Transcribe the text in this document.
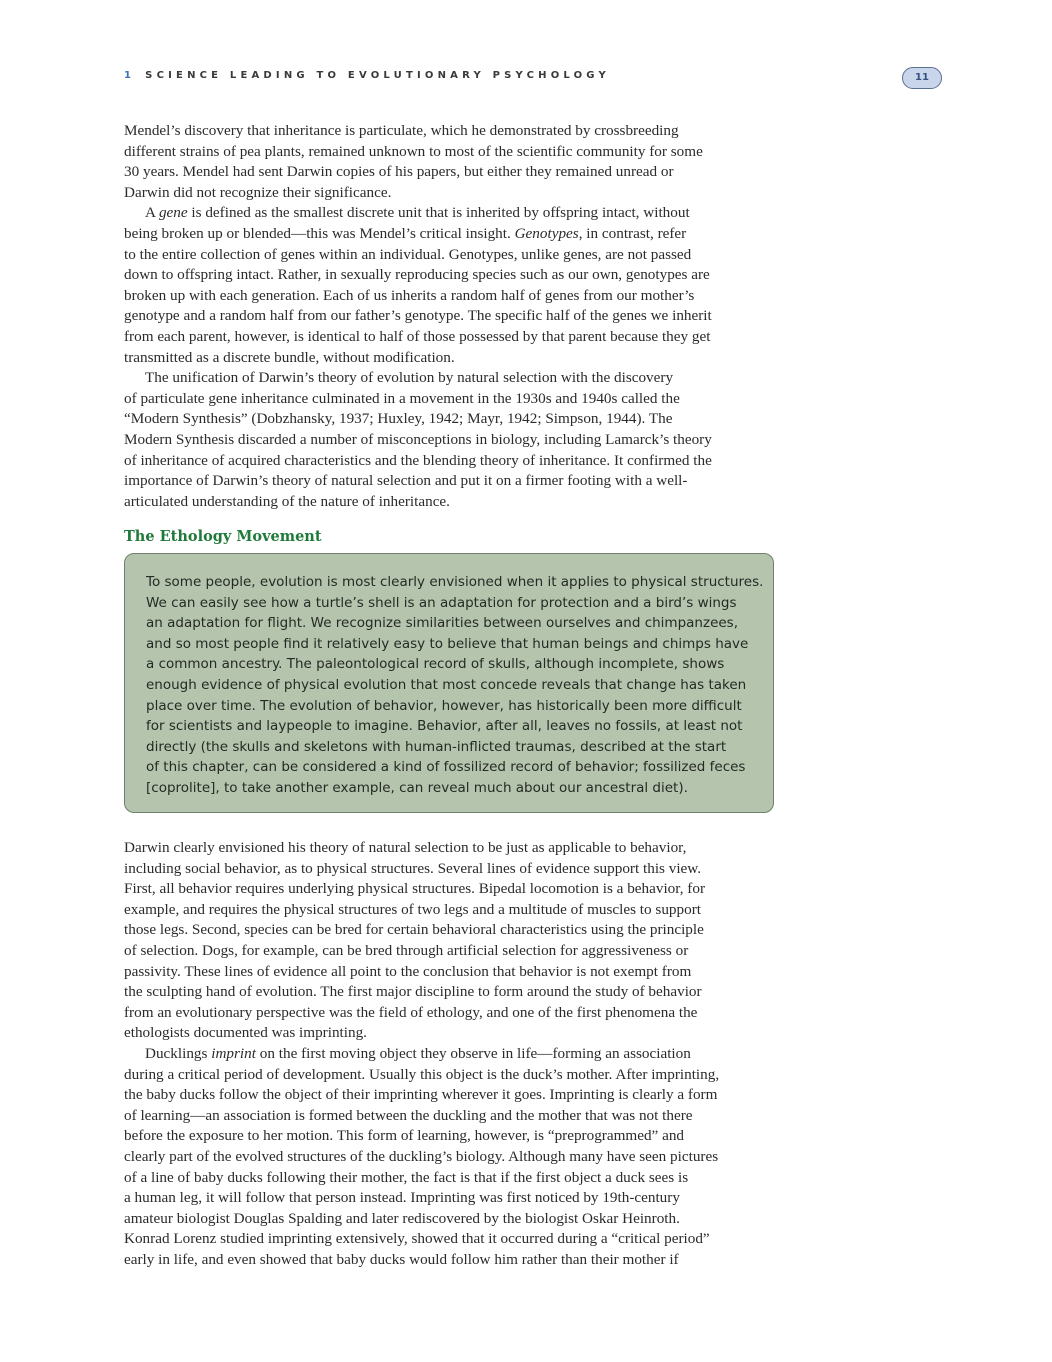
1 SCIENCE LEADING TO EVOLUTIONARY PSYCHOLOGY	11

Mendel’s discovery that inheritance is particulate, which he demonstrated by crossbreeding
different strains of pea plants, remained unknown to most of the scientific community for some
30 years. Mendel had sent Darwin copies of his papers, but either they remained unread or
Darwin did not recognize their significance.

A gene is defined as the smallest discrete unit that is inherited by offspring intact, without
being broken up or blended—this was Mendel’s critical insight. Genotypes, in contrast, refer
to the entire collection of genes within an individual. Genotypes, unlike genes, are not passed
down to offspring intact. Rather, in sexually reproducing species such as our own, genotypes are
broken up with each generation. Each of us inherits a random half of genes from our mother’s
genotype and a random half from our father’s genotype. The specific half of the genes we inherit
from each parent, however, is identical to half of those possessed by that parent because they get
transmitted as a discrete bundle, without modification.

The unification of Darwin’s theory of evolution by natural selection with the discovery
of particulate gene inheritance culminated in a movement in the 1930s and 1940s called the
“Modern Synthesis” (Dobzhansky, 1937; Huxley, 1942; Mayr, 1942; Simpson, 1944). The
Modern Synthesis discarded a number of misconceptions in biology, including Lamarck’s theory
of inheritance of acquired characteristics and the blending theory of inheritance. It confirmed the
importance of Darwin’s theory of natural selection and put it on a firmer footing with a well-
articulated understanding of the nature of inheritance.

The Ethology Movement

To some people, evolution is most clearly envisioned when it applies to physical structures.
We can easily see how a turtle’s shell is an adaptation for protection and a bird’s wings
an adaptation for flight. We recognize similarities between ourselves and chimpanzees,
and so most people find it relatively easy to believe that human beings and chimps have
a common ancestry. The paleontological record of skulls, although incomplete, shows
enough evidence of physical evolution that most concede reveals that change has taken
place over time. The evolution of behavior, however, has historically been more difficult
for scientists and laypeople to imagine. Behavior, after all, leaves no fossils, at least not
directly (the skulls and skeletons with human-inflicted traumas, described at the start
of this chapter, can be considered a kind of fossilized record of behavior; fossilized feces
[coprolite], to take another example, can reveal much about our ancestral diet).

Darwin clearly envisioned his theory of natural selection to be just as applicable to behavior,
including social behavior, as to physical structures. Several lines of evidence support this view.
First, all behavior requires underlying physical structures. Bipedal locomotion is a behavior, for
example, and requires the physical structures of two legs and a multitude of muscles to support
those legs. Second, species can be bred for certain behavioral characteristics using the principle
of selection. Dogs, for example, can be bred through artificial selection for aggressiveness or
passivity. These lines of evidence all point to the conclusion that behavior is not exempt from
the sculpting hand of evolution. The first major discipline to form around the study of behavior
from an evolutionary perspective was the field of ethology, and one of the first phenomena the
ethologists documented was imprinting.

Ducklings imprint on the first moving object they observe in life—forming an association
during a critical period of development. Usually this object is the duck’s mother. After imprinting,
the baby ducks follow the object of their imprinting wherever it goes. Imprinting is clearly a form
of learning—an association is formed between the duckling and the mother that was not there
before the exposure to her motion. This form of learning, however, is “preprogrammed” and
clearly part of the evolved structures of the duckling’s biology. Although many have seen pictures
of a line of baby ducks following their mother, the fact is that if the first object a duck sees is
a human leg, it will follow that person instead. Imprinting was first noticed by 19th-century
amateur biologist Douglas Spalding and later rediscovered by the biologist Oskar Heinroth.
Konrad Lorenz studied imprinting extensively, showed that it occurred during a “critical period”
early in life, and even showed that baby ducks would follow him rather than their mother if
